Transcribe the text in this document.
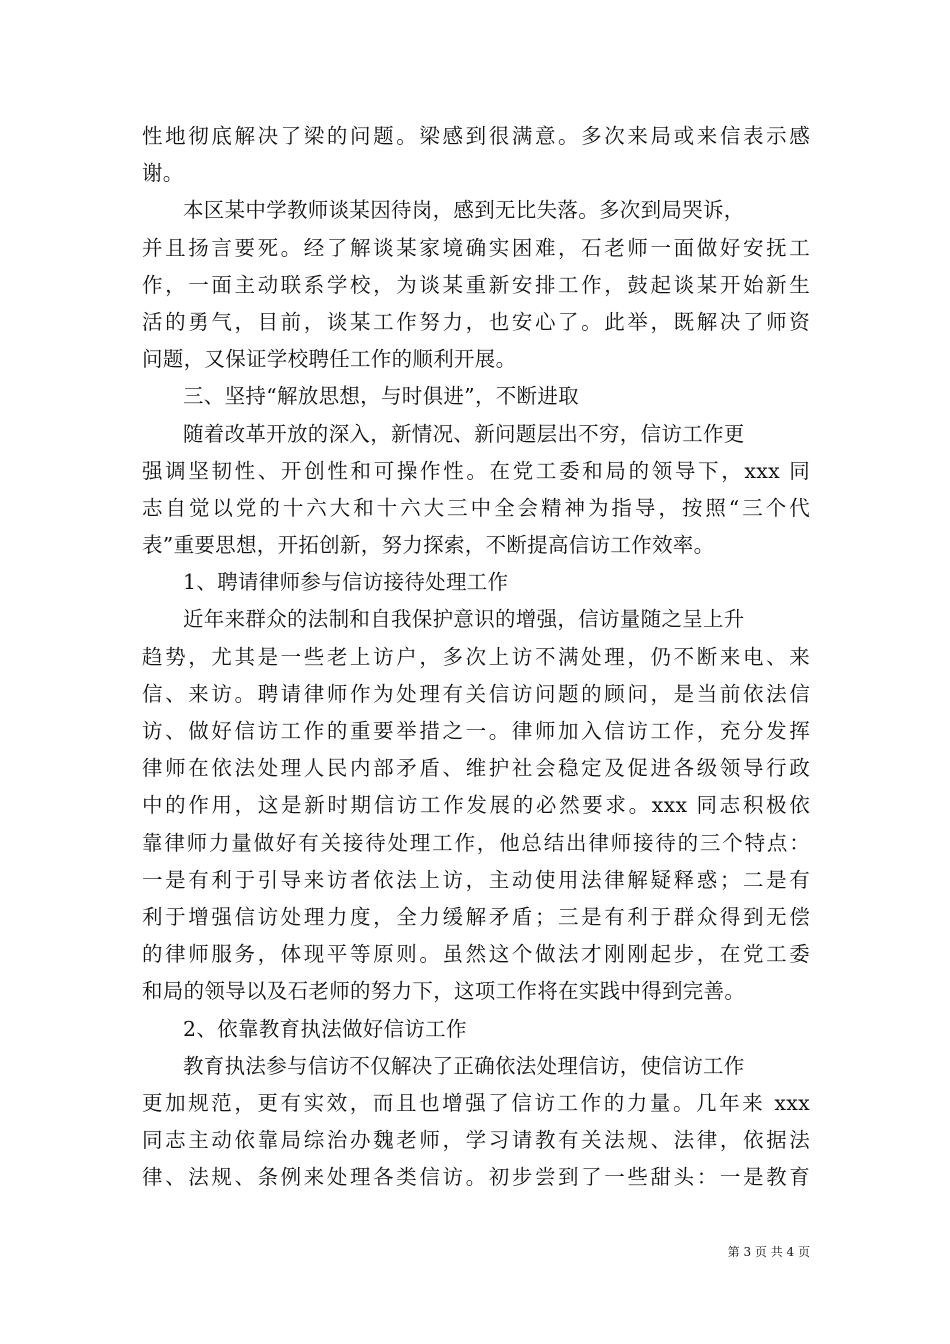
性地彻底解决了梁的问题。梁感到很满意。多次来局或来信表示感
谢。
本区某中学教师谈某因待岗，感到无比失落。多次到局哭诉，
并且扬言要死。经了解谈某家境确实困难，石老师一面做好安抚工
作，一面主动联系学校，为谈某重新安排工作，鼓起谈某开始新生
活的勇气，目前，谈某工作努力，也安心了。此举，既解决了师资
问题，又保证学校聘任工作的顺利开展。
三、坚持“解放思想，与时俱进”，不断进取
随着改革开放的深入，新情况、新问题层出不穷，信访工作更
强调坚韧性、开创性和可操作性。在党工委和局的领导下，xxx 同
志自觉以党的十六大和十六大三中全会精神为指导，按照“三个代
表”重要思想，开拓创新，努力探索，不断提高信访工作效率。
1、聘请律师参与信访接待处理工作
近年来群众的法制和自我保护意识的增强，信访量随之呈上升
趋势，尤其是一些老上访户，多次上访不满处理，仍不断来电、来
信、来访。聘请律师作为处理有关信访问题的顾问，是当前依法信
访、做好信访工作的重要举措之一。律师加入信访工作，充分发挥
律师在依法处理人民内部矛盾、维护社会稳定及促进各级领导行政
中的作用，这是新时期信访工作发展的必然要求。xxx 同志积极依
靠律师力量做好有关接待处理工作，他总结出律师接待的三个特点：
一是有利于引导来访者依法上访，主动使用法律解疑释惑；二是有
利于增强信访处理力度，全力缓解矛盾；三是有利于群众得到无偿
的律师服务，体现平等原则。虽然这个做法才刚刚起步，在党工委
和局的领导以及石老师的努力下，这项工作将在实践中得到完善。
2、依靠教育执法做好信访工作
教育执法参与信访不仅解决了正确依法处理信访，使信访工作
更加规范，更有实效，而且也增强了信访工作的力量。几年来 xxx
同志主动依靠局综治办魏老师，学习请教有关法规、法律，依据法
律、法规、条例来处理各类信访。初步尝到了一些甜头：一是教育
第 3 页 共 4 页
